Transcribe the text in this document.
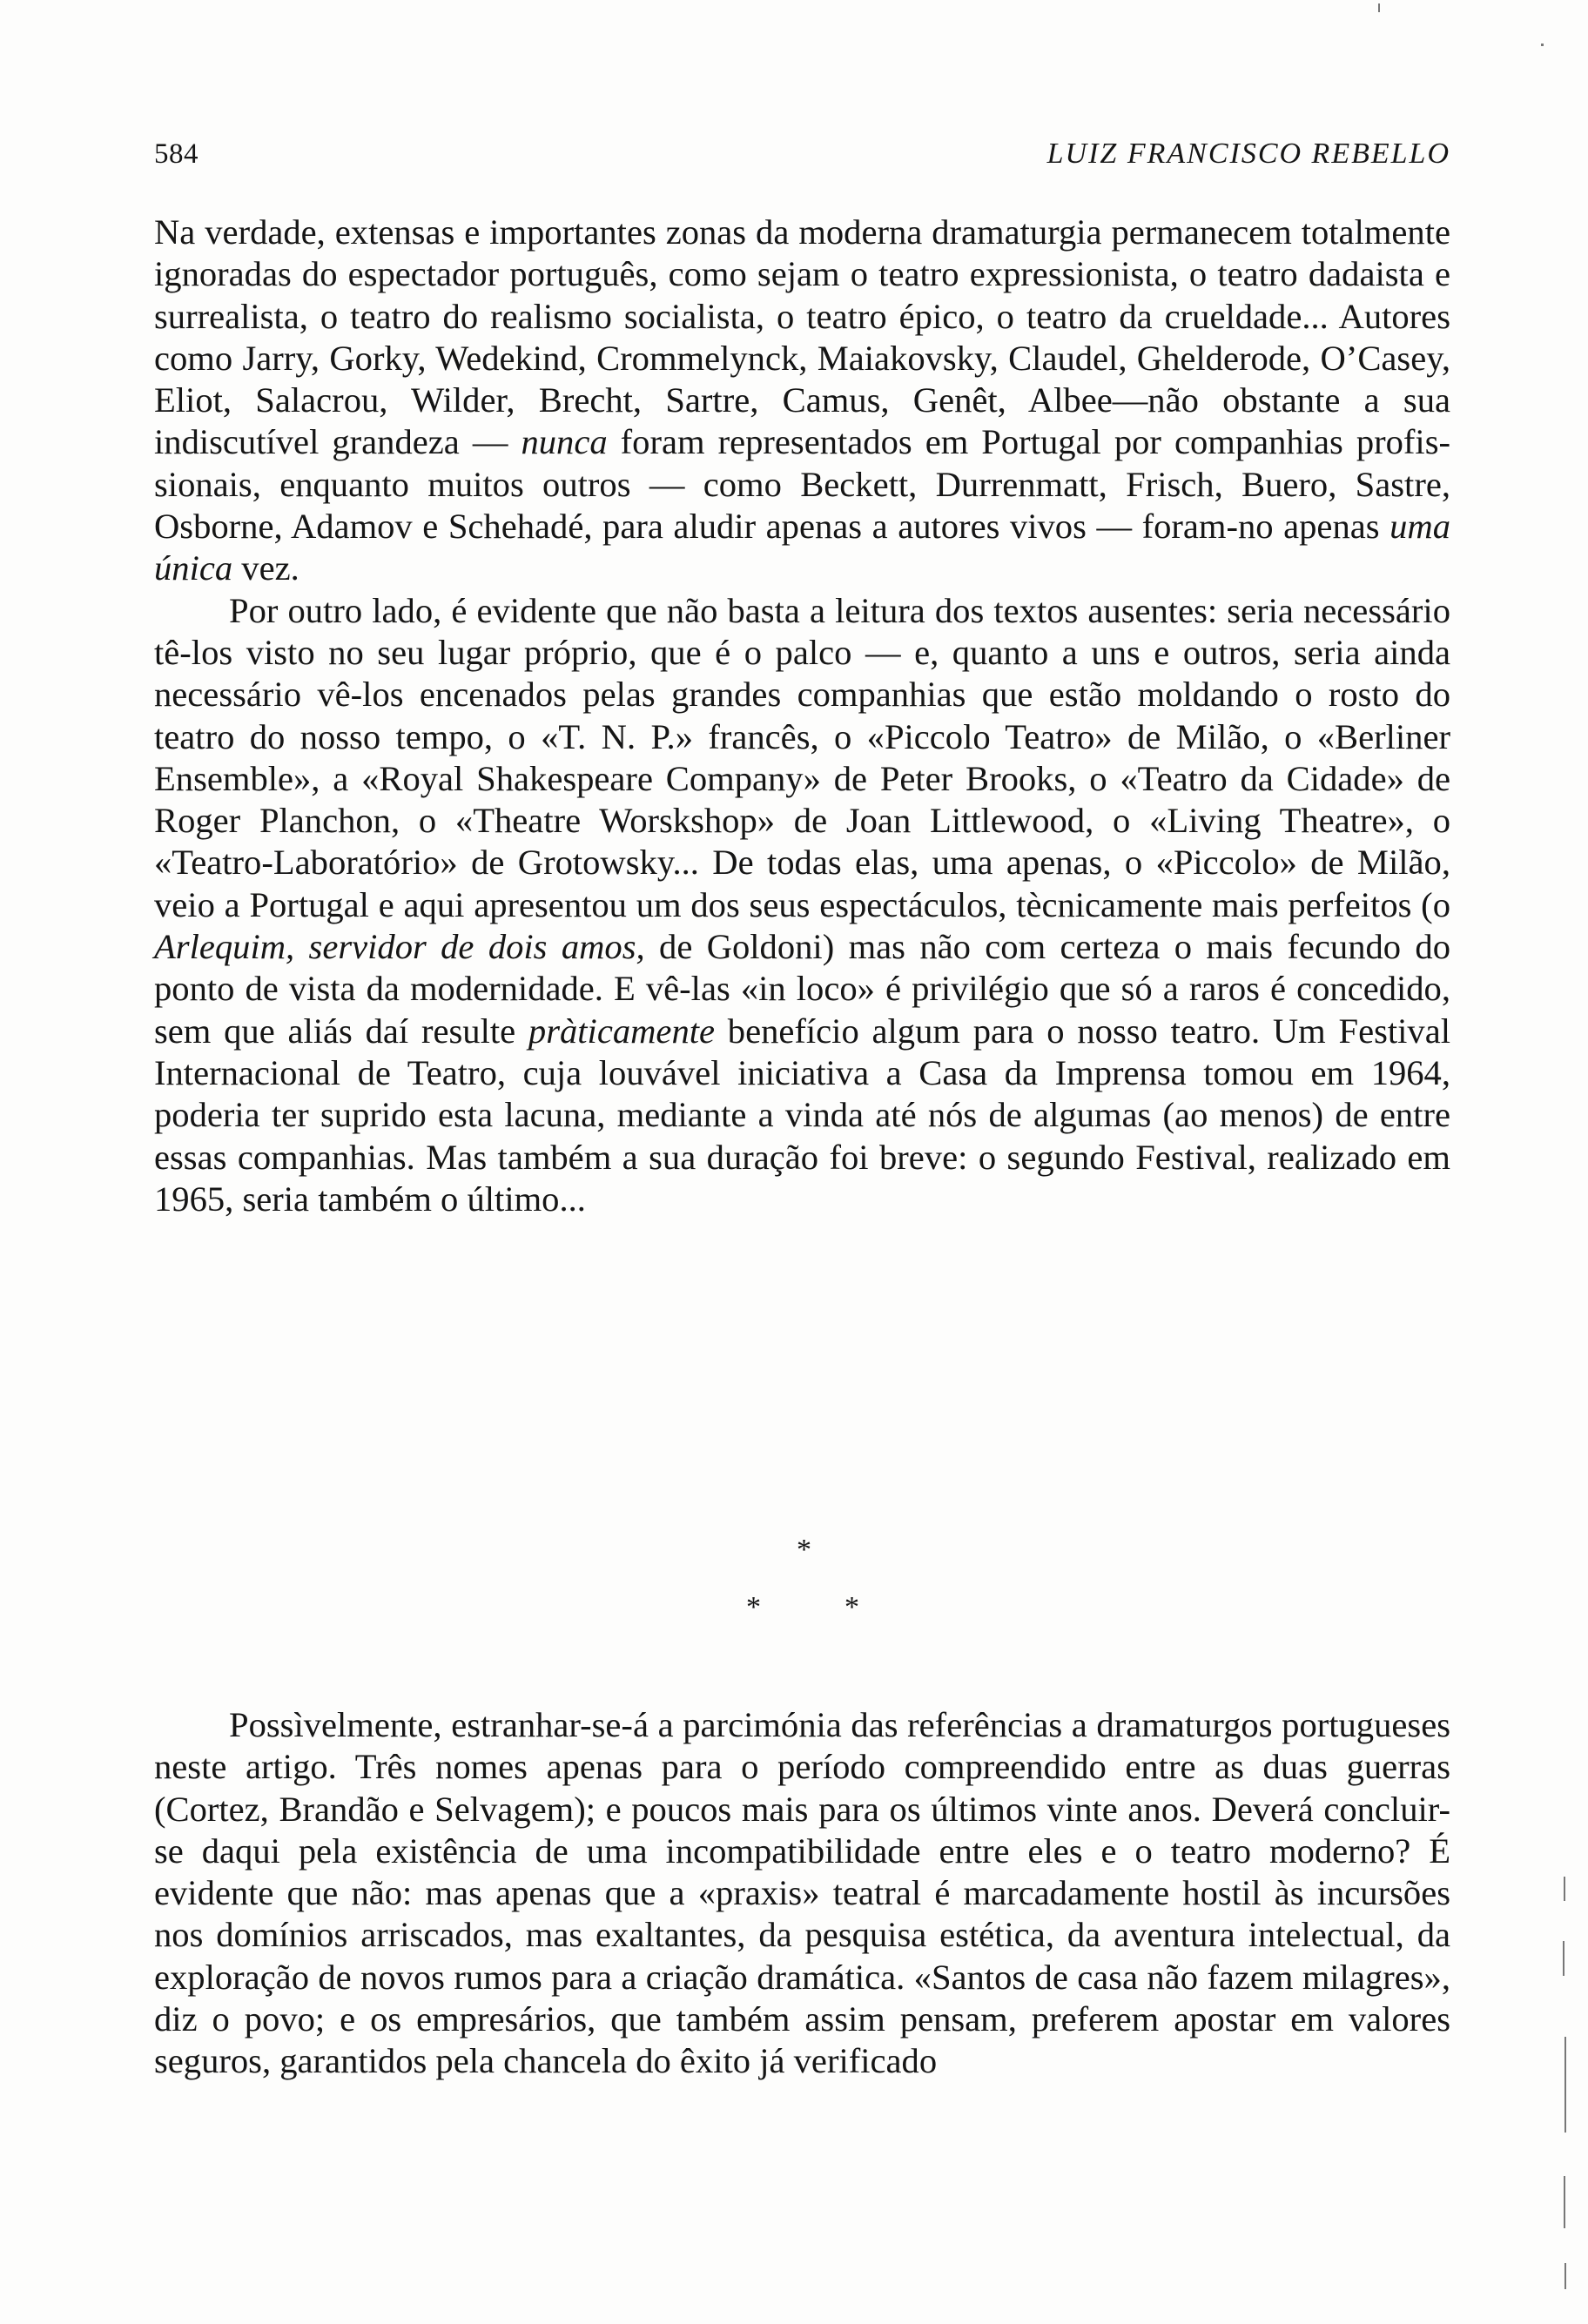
584	LUIZ FRANCISCO REBELLO

Na verdade, extensas e importantes zonas da moderna dramaturgia permanecem totalmente ignoradas do espectador português, como sejam o teatro expressionista, o teatro dadaista e surrealista, o teatro do realismo socialista, o teatro épico, o teatro da crueldade... Autores como Jarry, Gorky, Wedekind, Crommelynck, Maiakovsky, Claudel, Ghelderode, O’Casey, Eliot, Salacrou, Wilder, Brecht, Sartre, Camus, Genêt, Albee—não obstante a sua indiscutível grandeza — nunca foram representados em Portugal por companhias profissionais, enquanto muitos outros — como Beckett, Durrenmatt, Frisch, Buero, Sastre, Osborne, Adamov e Schehadé, para aludir apenas a autores vivos — foram-no apenas uma única vez.

Por outro lado, é evidente que não basta a leitura dos textos ausentes: seria necessário tê-los visto no seu lugar próprio, que é o palco — e, quanto a uns e outros, seria ainda necessário vê-los encenados pelas grandes companhias que estão moldando o rosto do teatro do nosso tempo, o «T. N. P.» francês, o «Piccolo Teatro» de Milão, o «Berliner Ensemble», a «Royal Shakespeare Company» de Peter Brooks, o «Teatro da Cidade» de Roger Planchon, o «Theatre Worskshop» de Joan Littlewood, o «Living Theatre», o «Teatro-Laboratório» de Grotowsky... De todas elas, uma apenas, o «Piccolo» de Milão, veio a Portugal e aqui apresentou um dos seus espectáculos, tècnicamente mais perfeitos (o Arlequim, servidor de dois amos, de Goldoni) mas não com certeza o mais fecundo do ponto de vista da modernidade. E vê-las «in loco» é privilégio que só a raros é concedido, sem que aliás daí resulte pràticamente benefício algum para o nosso teatro. Um Festival Internacional de Teatro, cuja louvável iniciativa a Casa da Imprensa tomou em 1964, poderia ter suprido esta lacuna, mediante a vinda até nós de algumas (ao menos) de entre essas companhias. Mas também a sua duração foi breve: o segundo Festival, realizado em 1965, seria também o último...

*
*	*

Possìvelmente, estranhar-se-á a parcimónia das referências a dramaturgos portugueses neste artigo. Três nomes apenas para o período compreendido entre as duas guerras (Cortez, Brandão e Selvagem); e poucos mais para os últimos vinte anos. Deverá concluir-se daqui pela existência de uma incompatibilidade entre eles e o teatro moderno? É evidente que não: mas apenas que a «praxis» teatral é marcadamente hostil às incursões nos domínios arriscados, mas exaltantes, da pesquisa estética, da aventura intelectual, da exploração de novos rumos para a criação dramática. «Santos de casa não fazem milagres», diz o povo; e os empresários, que também assim pensam, preferem apostar em valores seguros, garantidos pela chancela do êxito já verificado
